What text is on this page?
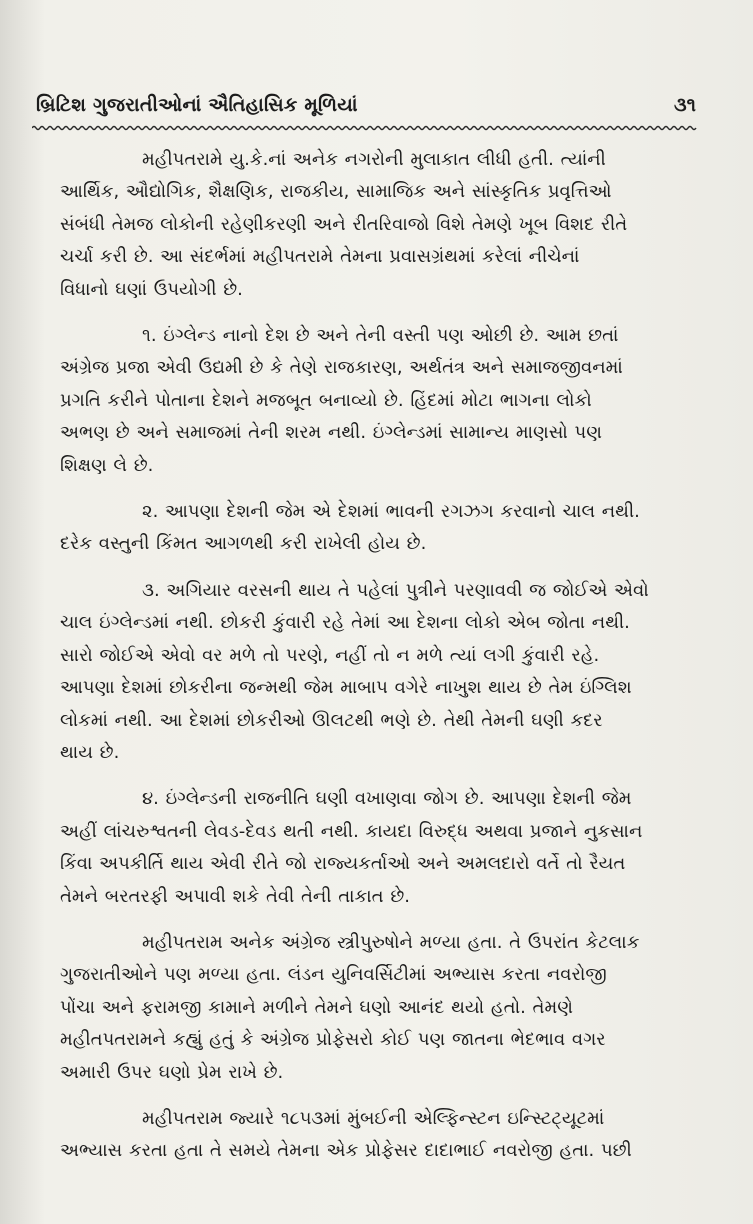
બ્રિટિશ ગુજરાતીઓનાં ઐતિહાસિક મૂળિયાં	૩૧

મહીપતરામે યુ.કે.નાં અનેક નગરોની મુલાકાત લીધી હતી. ત્યાંની
આર્થિક, ઔદ્યોગિક, શૈક્ષણિક, રાજકીય, સામાજિક અને સાંસ્કૃતિક પ્રવૃત્તિઓ
સંબંધી તેમજ લોકોની રહેણીકરણી અને રીતરિવાજો વિશે તેમણે ખૂબ વિશદ રીતે
ચર્ચા કરી છે. આ સંદર્ભમાં મહીપતરામે તેમના પ્રવાસગ્રંથમાં કરેલાં નીચેનાં
વિધાનો ઘણાં ઉપયોગી છે.

૧. ઇંગ્લેન્ડ નાનો દેશ છે અને તેની વસ્તી પણ ઓછી છે. આમ છતાં
અંગ્રેજ પ્રજા એવી ઉદ્યમી છે કે તેણે રાજકારણ, અર્થતંત્ર અને સમાજજીવનમાં
પ્રગતિ કરીને પોતાના દેશને મજબૂત બનાવ્યો છે. હિંદમાં મોટા ભાગના લોકો
અભણ છે અને સમાજમાં તેની શરમ નથી. ઇંગ્લેન્ડમાં સામાન્ય માણસો પણ
શિક્ષણ લે છે.

૨. આપણા દેશની જેમ એ દેશમાં ભાવની રગઝગ કરવાનો ચાલ નથી.
દરેક વસ્તુની કિંમત આગળથી કરી રાખેલી હોય છે.

૩. અગિયાર વરસની થાય તે પહેલાં પુત્રીને પરણાવવી જ જોઈએ એવો
ચાલ ઇંગ્લેન્ડમાં નથી. છોકરી કુંવારી રહે તેમાં આ દેશના લોકો એબ જોતા નથી.
સારો જોઈએ એવો વર મળે તો પરણે, નહીં તો ન મળે ત્યાં લગી કુંવારી રહે.
આપણા દેશમાં છોકરીના જન્મથી જેમ માબાપ વગેરે નાખુશ થાય છે તેમ ઇંગ્લિશ
લોકમાં નથી. આ દેશમાં છોકરીઓ ઊલટથી ભણે છે. તેથી તેમની ઘણી કદર
થાય છે.

૪. ઇંગ્લેન્ડની રાજનીતિ ઘણી વખાણવા જોગ છે. આપણા દેશની જેમ
અહીં લાંચરુશ્વતની લેવડ-દેવડ થતી નથી. કાયદા વિરુદ્ધ અથવા પ્રજાને નુકસાન
કિંવા અપકીર્તિ થાય એવી રીતે જો રાજ્યકર્તાઓ અને અમલદારો વર્તે તો રૈયત
તેમને બરતરફી અપાવી શકે તેવી તેની તાકાત છે.

મહીપતરામ અનેક અંગ્રેજ સ્ત્રીપુરુષોને મળ્યા હતા. તે ઉપરાંત કેટલાક
ગુજરાતીઓને પણ મળ્યા હતા. લંડન યુનિવર્સિટીમાં અભ્યાસ કરતા નવરોજી
પોંચા અને ફરામજી કામાને મળીને તેમને ઘણો આનંદ થયો હતો. તેમણે
મહીતપતરામને કહ્યું હતું કે અંગ્રેજ પ્રોફેસરો કોઈ પણ જાતના ભેદભાવ વગર
અમારી ઉપર ઘણો પ્રેમ રાખે છે.

મહીપતરામ જ્યારે ૧૮૫૩માં મુંબઈની એલ્ફિન્સ્ટન ઇન્સ્ટિટ્યૂટમાં
અભ્યાસ કરતા હતા તે સમયે તેમના એક પ્રોફેસર દાદાભાઈ નવરોજી હતા. પછી
